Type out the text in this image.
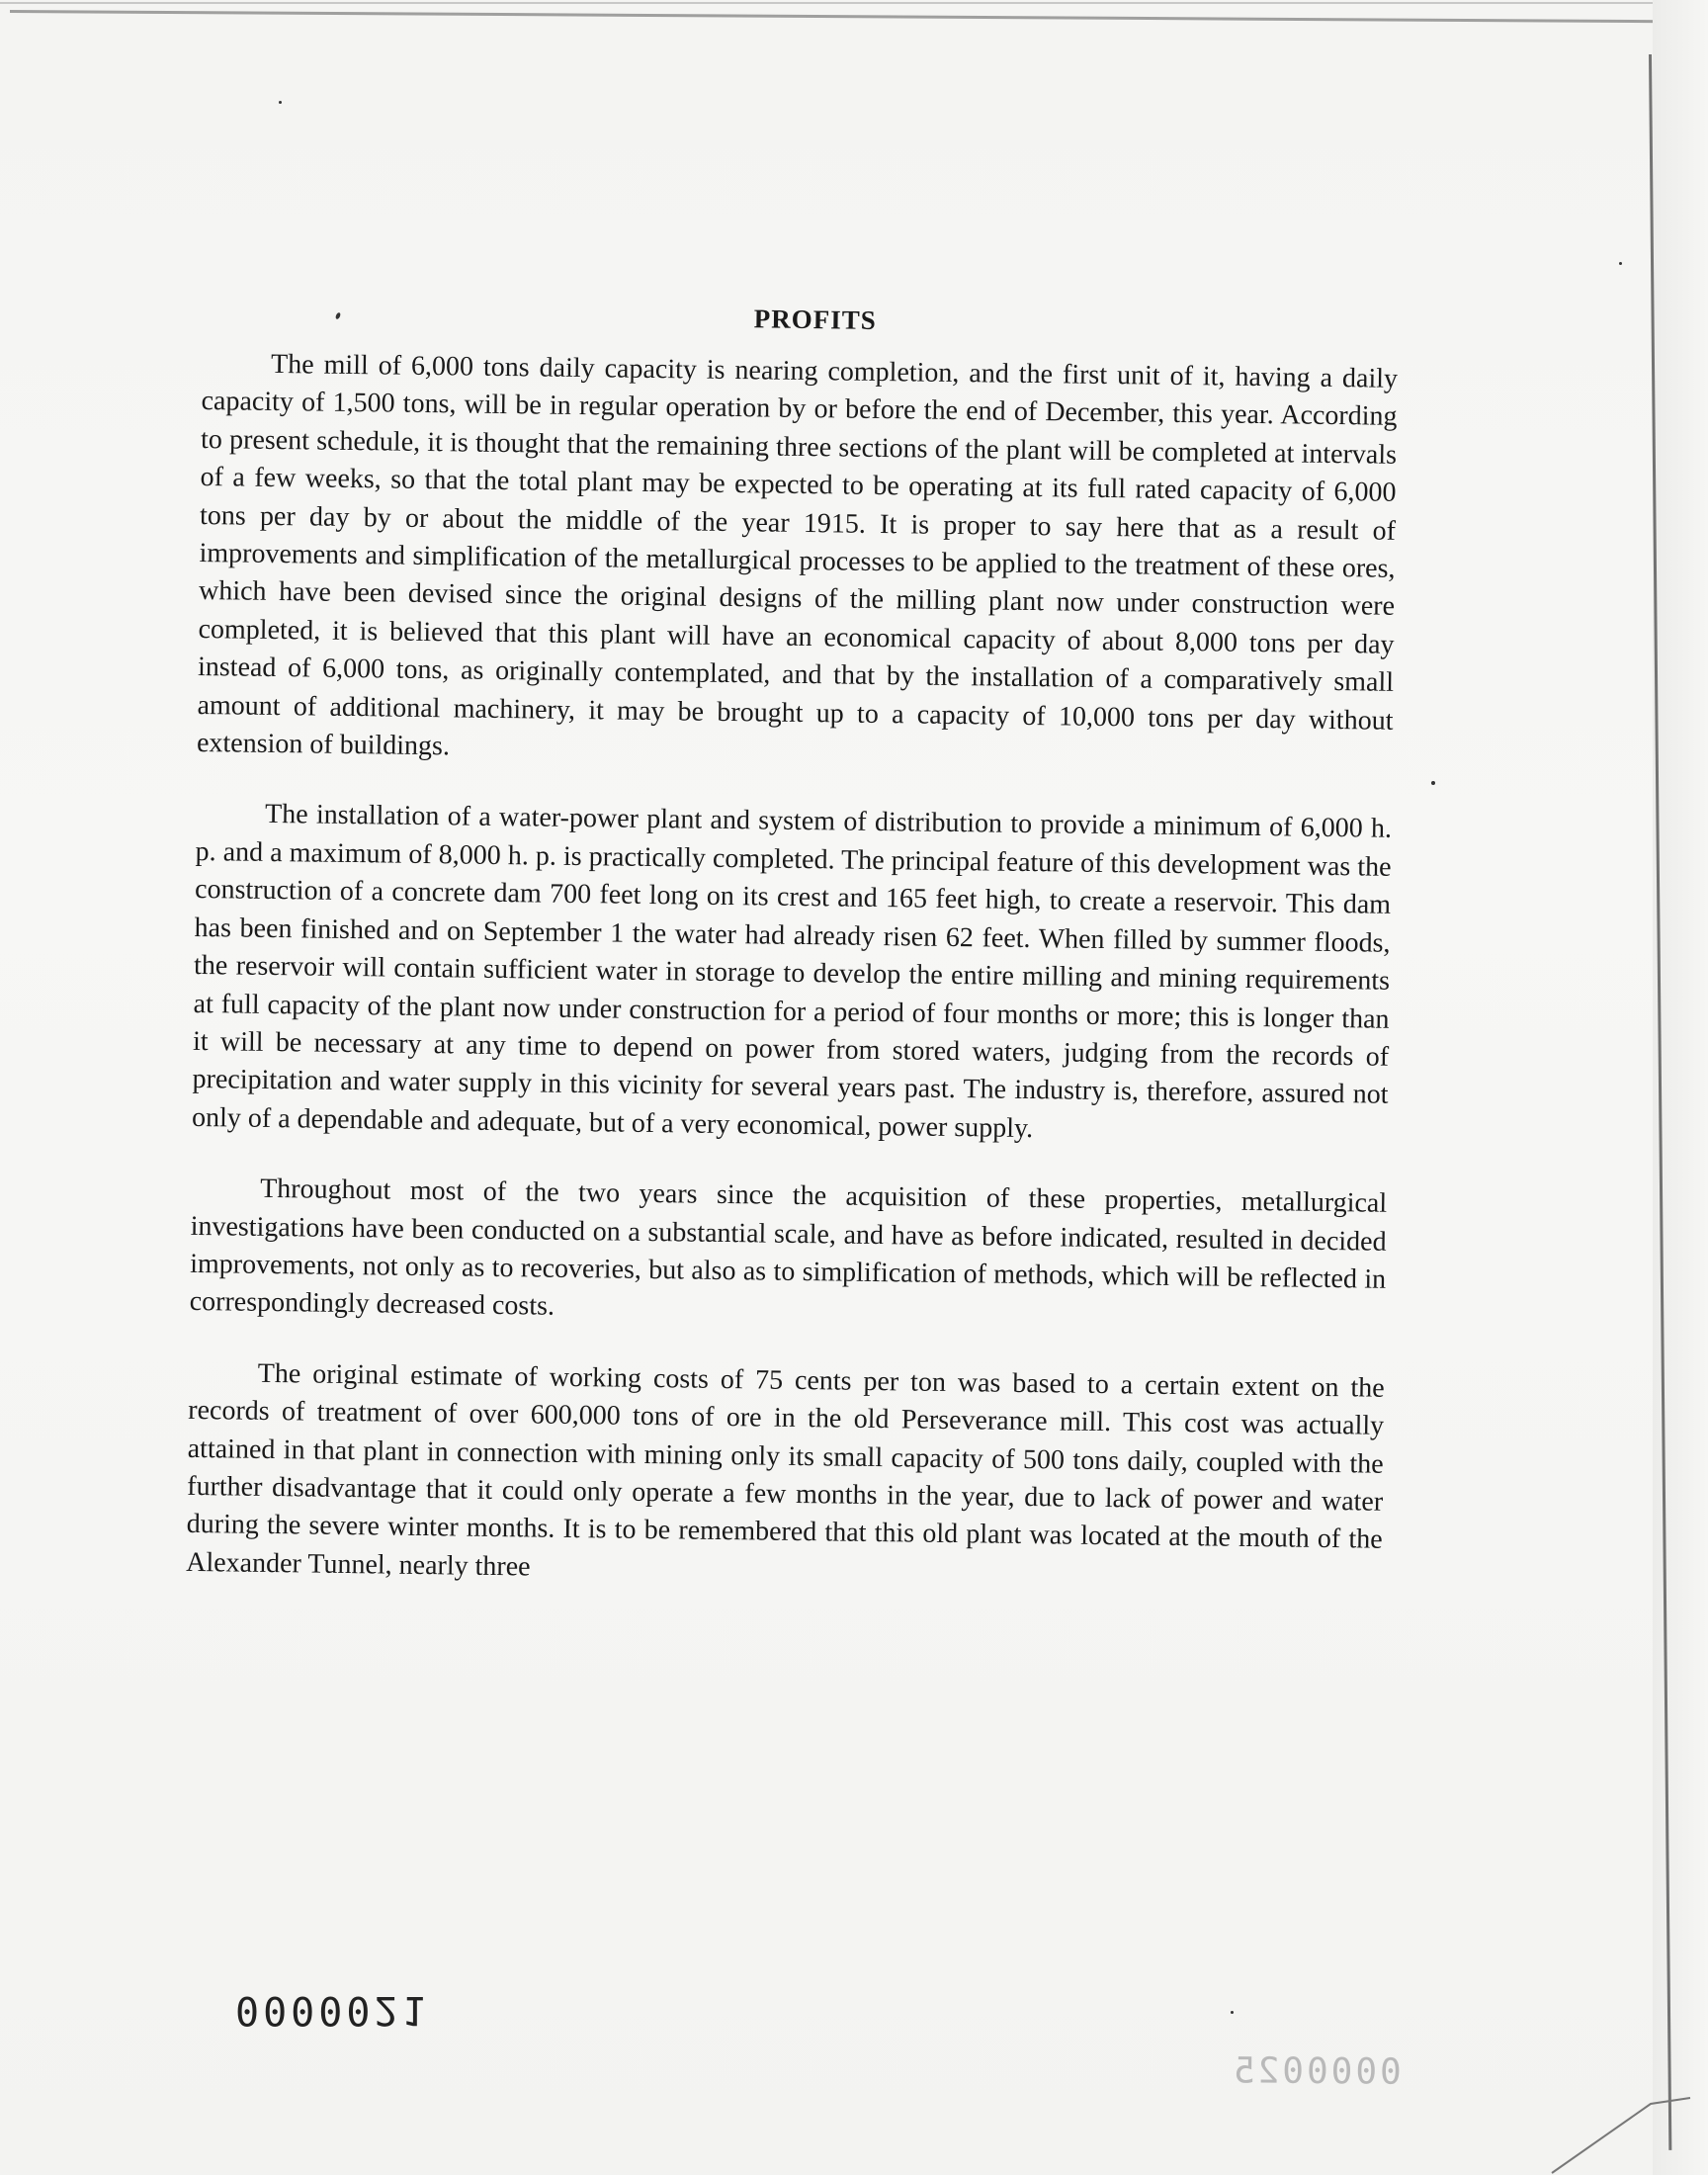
PROFITS

The mill of 6,000 tons daily capacity is nearing completion, and the first unit of it, having a daily capacity of 1,500 tons, will be in regular operation by or before the end of December, this year. According to present schedule, it is thought that the remaining three sections of the plant will be completed at intervals of a few weeks, so that the total plant may be expected to be operating at its full rated capacity of 6,000 tons per day by or about the middle of the year 1915. It is proper to say here that as a result of improvements and simplification of the metallurgical processes to be applied to the treatment of these ores, which have been devised since the original designs of the milling plant now under construction were completed, it is believed that this plant will have an economical capacity of about 8,000 tons per day instead of 6,000 tons, as originally contemplated, and that by the installation of a comparatively small amount of additional machinery, it may be brought up to a capacity of 10,000 tons per day without extension of buildings.

The installation of a water-power plant and system of distribution to provide a minimum of 6,000 h. p. and a maximum of 8,000 h. p. is practically completed. The principal feature of this development was the construction of a concrete dam 700 feet long on its crest and 165 feet high, to create a reservoir. This dam has been finished and on September 1 the water had already risen 62 feet. When filled by summer floods, the reservoir will contain sufficient water in storage to develop the entire milling and mining requirements at full capacity of the plant now under construction for a period of four months or more; this is longer than it will be necessary at any time to depend on power from stored waters, judging from the records of precipitation and water supply in this vicinity for several years past. The industry is, therefore, assured not only of a dependable and adequate, but of a very economical, power supply.

Throughout most of the two years since the acquisition of these properties, metallurgical investigations have been conducted on a substantial scale, and have as before indicated, resulted in decided improvements, not only as to recoveries, but also as to simplification of methods, which will be reflected in correspondingly decreased costs.

The original estimate of working costs of 75 cents per ton was based to a certain extent on the records of treatment of over 600,000 tons of ore in the old Perseverance mill. This cost was actually attained in that plant in connection with mining only its small capacity of 500 tons daily, coupled with the further disadvantage that it could only operate a few months in the year, due to lack of power and water during the severe winter months. It is to be remembered that this old plant was located at the mouth of the Alexander Tunnel, nearly three

0000021
0000025
